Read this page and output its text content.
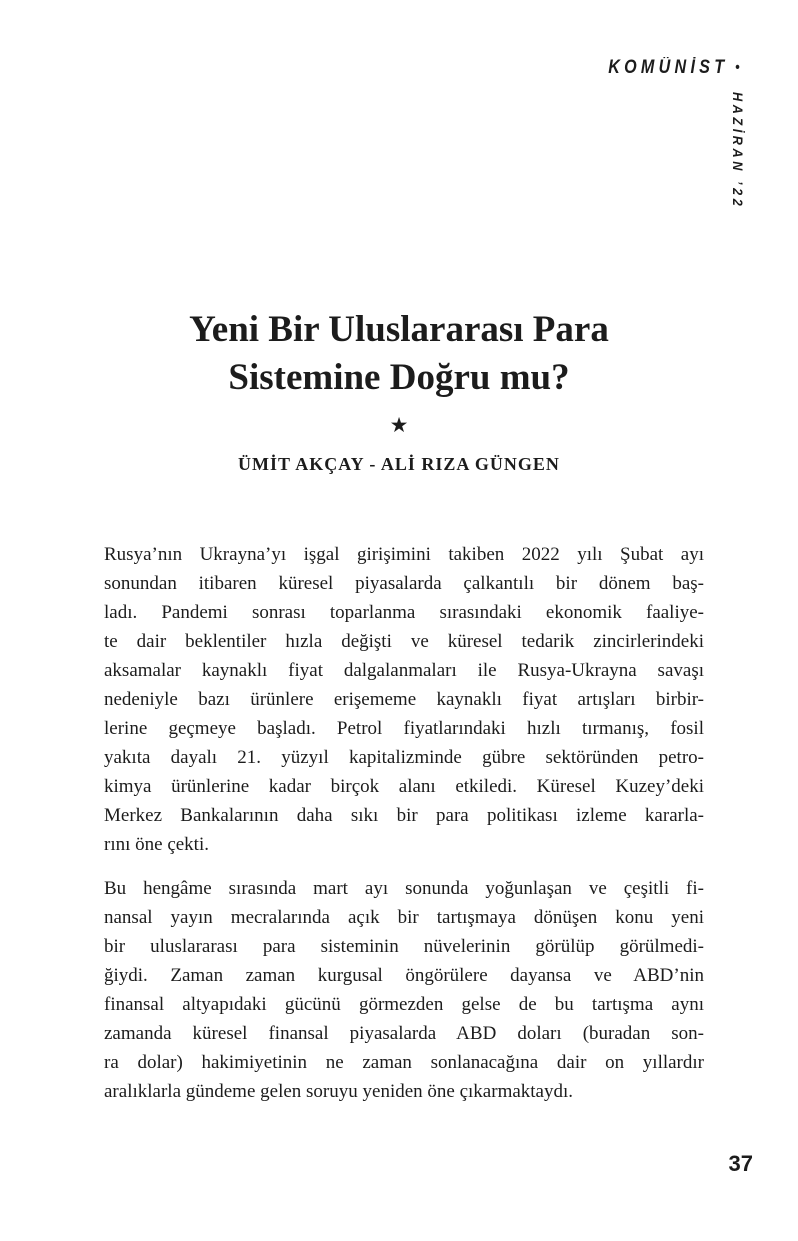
KOMÜNİST •
HAZİRAN ’22
Yeni Bir Uluslararası Para
Sistemine Doğru mu?
★
ÜMİT AKÇAY - ALİ RIZA GÜNGEN
Rusya’nın Ukrayna’yı işgal girişimini takiben 2022 yılı Şubat ayı
sonundan itibaren küresel piyasalarda çalkantılı bir dönem baş-
ladı. Pandemi sonrası toparlanma sırasındaki ekonomik faaliye-
te dair beklentiler hızla değişti ve küresel tedarik zincirlerindeki
aksamalar kaynaklı fiyat dalgalanmaları ile Rusya-Ukrayna savaşı
nedeniyle bazı ürünlere erişememe kaynaklı fiyat artışları birbir-
lerine geçmeye başladı. Petrol fiyatlarındaki hızlı tırmanış, fosil
yakıta dayalı 21. yüzyıl kapitalizminde gübre sektöründen petro-
kimya ürünlerine kadar birçok alanı etkiledi. Küresel Kuzey’deki
Merkez Bankalarının daha sıkı bir para politikası izleme kararla-
rını öne çekti.
Bu hengâme sırasında mart ayı sonunda yoğunlaşan ve çeşitli fi-
nansal yayın mecralarında açık bir tartışmaya dönüşen konu yeni
bir uluslararası para sisteminin nüvelerinin görülüp görülmedi-
ğiydi. Zaman zaman kurgusal öngörülere dayansa ve ABD’nin
finansal altyapıdaki gücünü görmezden gelse de bu tartışma aynı
zamanda küresel finansal piyasalarda ABD doları (buradan son-
ra dolar) hakimiyetinin ne zaman sonlanacağına dair on yıllardır
aralıklarla gündeme gelen soruyu yeniden öne çıkarmaktaydı.
37
